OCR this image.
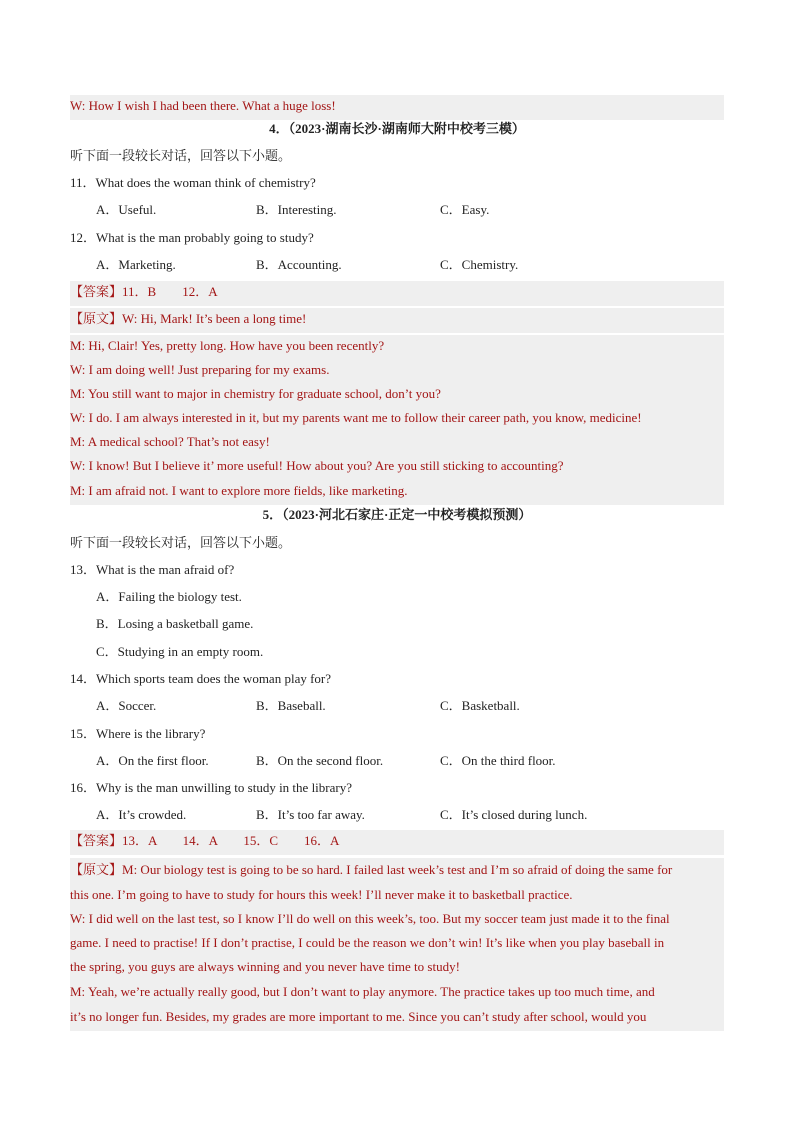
W: How I wish I had been there. What a huge loss!
4．（2023·湖南长沙·湖南师大附中校考三模）
听下面一段较长对话，回答以下小题。
11．What does the woman think of chemistry?
A．Useful.	B．Interesting.	C．Easy.
12．What is the man probably going to study?
A．Marketing.	B．Accounting.	C．Chemistry.
【答案】11．B　　12．A
【原文】W: Hi, Mark! It’s been a long time!
M: Hi, Clair! Yes, pretty long. How have you been recently?
W: I am doing well! Just preparing for my exams.
M: You still want to major in chemistry for graduate school, don’t you?
W: I do. I am always interested in it, but my parents want me to follow their career path, you know, medicine!
M: A medical school? That’s not easy!
W: I know! But I believe it’ more useful! How about you? Are you still sticking to accounting?
M: I am afraid not. I want to explore more fields, like marketing.
5．（2023·河北石家庄·正定一中校考模拟预测）
听下面一段较长对话，回答以下小题。
13．What is the man afraid of?
A．Failing the biology test.
B．Losing a basketball game.
C．Studying in an empty room.
14．Which sports team does the woman play for?
A．Soccer.	B．Baseball.	C．Basketball.
15．Where is the library?
A．On the first floor.	B．On the second floor.	C．On the third floor.
16．Why is the man unwilling to study in the library?
A．It’s crowded.	B．It’s too far away.	C．It’s closed during lunch.
【答案】13．A　　14．A　　15．C　　16．A
【原文】M: Our biology test is going to be so hard. I failed last week’s test and I’m so afraid of doing the same for
this one. I’m going to have to study for hours this week! I’ll never make it to basketball practice.
W: I did well on the last test, so I know I’ll do well on this week’s, too. But my soccer team just made it to the final
game. I need to practise! If I don’t practise, I could be the reason we don’t win! It’s like when you play baseball in
the spring, you guys are always winning and you never have time to study!
M: Yeah, we’re actually really good, but I don’t want to play anymore. The practice takes up too much time, and
it’s no longer fun. Besides, my grades are more important to me. Since you can’t study after school, would you
